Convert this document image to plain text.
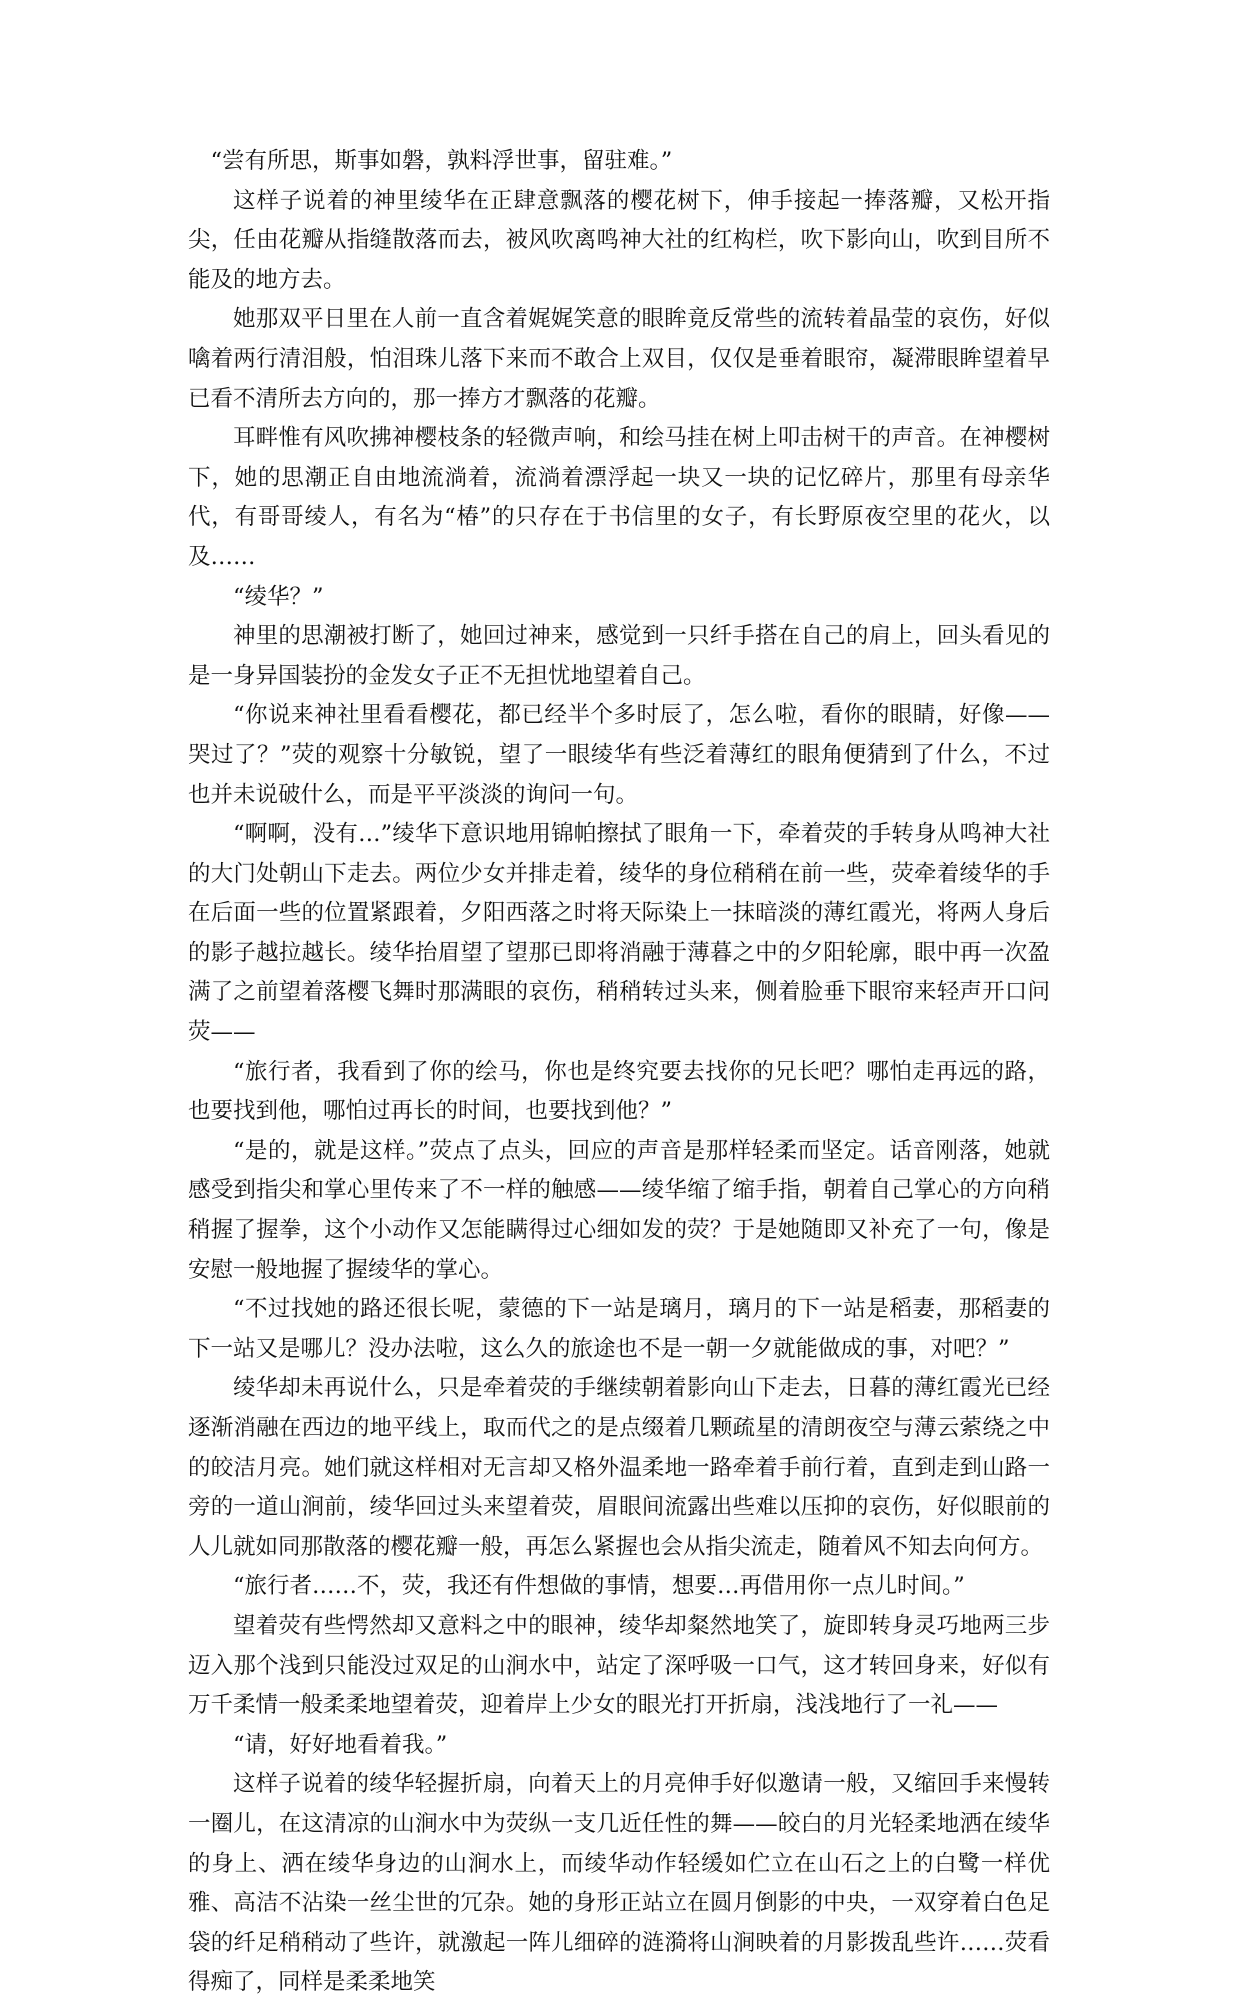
“尝有所思，斯事如磐，孰料浮世事，留驻难。”

这样子说着的神里绫华在正肆意飘落的樱花树下，伸手接起一捧落瓣，又松开指尖，任由花瓣从指缝散落而去，被风吹离鸣神大社的红构栏，吹下影向山，吹到目所不能及的地方去。

她那双平日里在人前一直含着娓娓笑意的眼眸竟反常些的流转着晶莹的哀伤，好似噙着两行清泪般，怕泪珠儿落下来而不敢合上双目，仅仅是垂着眼帘，凝滞眼眸望着早已看不清所去方向的，那一捧方才飘落的花瓣。

耳畔惟有风吹拂神樱枝条的轻微声响，和绘马挂在树上叩击树干的声音。在神樱树下，她的思潮正自由地流淌着，流淌着漂浮起一块又一块的记忆碎片，那里有母亲华代，有哥哥绫人，有名为“椿”的只存在于书信里的女子，有长野原夜空里的花火，以及……

“绫华？”

神里的思潮被打断了，她回过神来，感觉到一只纤手搭在自己的肩上，回头看见的是一身异国装扮的金发女子正不无担忧地望着自己。

“你说来神社里看看樱花，都已经半个多时辰了，怎么啦，看你的眼睛，好像——哭过了？”荧的观察十分敏锐，望了一眼绫华有些泛着薄红的眼角便猜到了什么，不过也并未说破什么，而是平平淡淡的询问一句。

“啊啊，没有…”绫华下意识地用锦帕擦拭了眼角一下，牵着荧的手转身从鸣神大社的大门处朝山下走去。两位少女并排走着，绫华的身位稍稍在前一些，荧牵着绫华的手在后面一些的位置紧跟着，夕阳西落之时将天际染上一抹暗淡的薄红霞光，将两人身后的影子越拉越长。绫华抬眉望了望那已即将消融于薄暮之中的夕阳轮廓，眼中再一次盈满了之前望着落樱飞舞时那满眼的哀伤，稍稍转过头来，侧着脸垂下眼帘来轻声开口问荧——

“旅行者，我看到了你的绘马，你也是终究要去找你的兄长吧？哪怕走再远的路，也要找到他，哪怕过再长的时间，也要找到他？”

“是的，就是这样。”荧点了点头，回应的声音是那样轻柔而坚定。话音刚落，她就感受到指尖和掌心里传来了不一样的触感——绫华缩了缩手指，朝着自己掌心的方向稍稍握了握拳，这个小动作又怎能瞒得过心细如发的荧？于是她随即又补充了一句，像是安慰一般地握了握绫华的掌心。

“不过找她的路还很长呢，蒙德的下一站是璃月，璃月的下一站是稻妻，那稻妻的下一站又是哪儿？没办法啦，这么久的旅途也不是一朝一夕就能做成的事，对吧？”

绫华却未再说什么，只是牵着荧的手继续朝着影向山下走去，日暮的薄红霞光已经逐渐消融在西边的地平线上，取而代之的是点缀着几颗疏星的清朗夜空与薄云萦绕之中的皎洁月亮。她们就这样相对无言却又格外温柔地一路牵着手前行着，直到走到山路一旁的一道山涧前，绫华回过头来望着荧，眉眼间流露出些难以压抑的哀伤，好似眼前的人儿就如同那散落的樱花瓣一般，再怎么紧握也会从指尖流走，随着风不知去向何方。

“旅行者……不，荧，我还有件想做的事情，想要…再借用你一点儿时间。”

望着荧有些愕然却又意料之中的眼神，绫华却粲然地笑了，旋即转身灵巧地两三步迈入那个浅到只能没过双足的山涧水中，站定了深呼吸一口气，这才转回身来，好似有万千柔情一般柔柔地望着荧，迎着岸上少女的眼光打开折扇，浅浅地行了一礼——

“请，好好地看着我。”

这样子说着的绫华轻握折扇，向着天上的月亮伸手好似邀请一般，又缩回手来慢转一圈儿，在这清凉的山涧水中为荧纵一支几近任性的舞——皎白的月光轻柔地洒在绫华的身上、洒在绫华身边的山涧水上，而绫华动作轻缓如伫立在山石之上的白鹭一样优雅、高洁不沾染一丝尘世的冗杂。她的身形正站立在圆月倒影的中央，一双穿着白色足袋的纤足稍稍动了些许，就激起一阵儿细碎的涟漪将山涧映着的月影拨乱些许……荧看得痴了，同样是柔柔地笑
